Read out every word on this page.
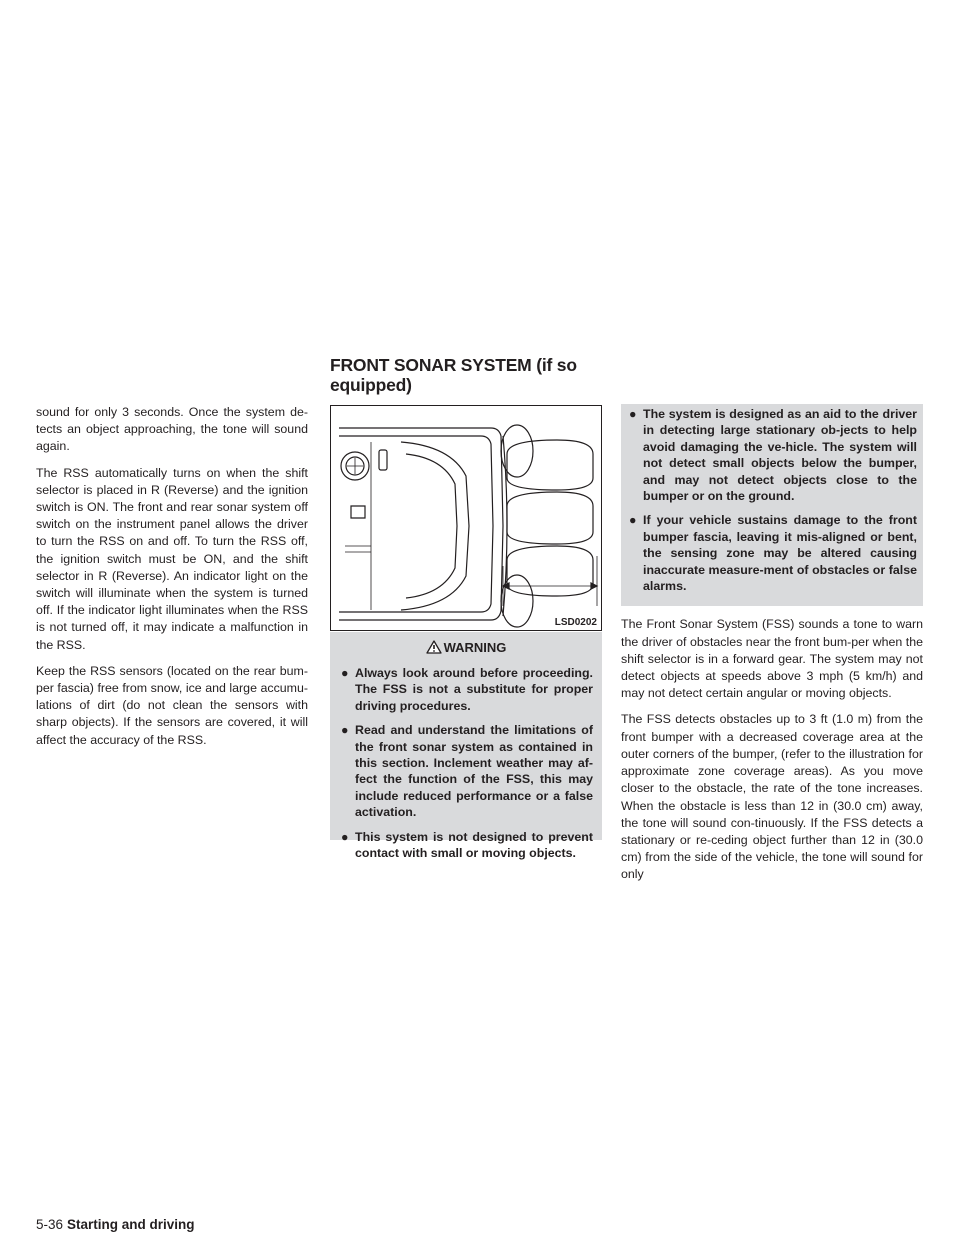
sound for only 3 seconds. Once the system de-tects an object approaching, the tone will sound again.

The RSS automatically turns on when the shift selector is placed in R (Reverse) and the ignition switch is ON. The front and rear sonar system off switch on the instrument panel allows the driver to turn the RSS on and off. To turn the RSS off, the ignition switch must be ON, and the shift selector in R (Reverse). An indicator light on the switch will illuminate when the system is turned off. If the indicator light illuminates when the RSS is not turned off, it may indicate a malfunction in the RSS.

Keep the RSS sensors (located on the rear bum-per fascia) free from snow, ice and large accumu-lations of dirt (do not clean the sensors with sharp objects). If the sensors are covered, it will affect the accuracy of the RSS.

FRONT SONAR SYSTEM (if so
equipped)
LSD0202
WARNING
● Always look around before proceeding. The FSS is not a substitute for proper driving procedures.
● Read and understand the limitations of the front sonar system as contained in this section. Inclement weather may af-fect the function of the FSS, this may include reduced performance or a false activation.
● This system is not designed to prevent contact with small or moving objects.
● The system is designed as an aid to the driver in detecting large stationary ob-jects to help avoid damaging the ve-hicle. The system will not detect small objects below the bumper, and may not detect objects close to the bumper or on the ground.
● If your vehicle sustains damage to the front bumper fascia, leaving it mis-aligned or bent, the sensing zone may be altered causing inaccurate measure-ment of obstacles or false alarms.

The Front Sonar System (FSS) sounds a tone to warn the driver of obstacles near the front bum-per when the shift selector is in a forward gear. The system may not detect objects at speeds above 3 mph (5 km/h) and may not detect certain angular or moving objects.

The FSS detects obstacles up to 3 ft (1.0 m) from the front bumper with a decreased coverage area at the outer corners of the bumper, (refer to the illustration for approximate zone coverage areas). As you move closer to the obstacle, the rate of the tone increases. When the obstacle is less than 12 in (30.0 cm) away, the tone will sound con-tinuously. If the FSS detects a stationary or re-ceding object further than 12 in (30.0 cm) from the side of the vehicle, the tone will sound for only

5-36 Starting and driving
